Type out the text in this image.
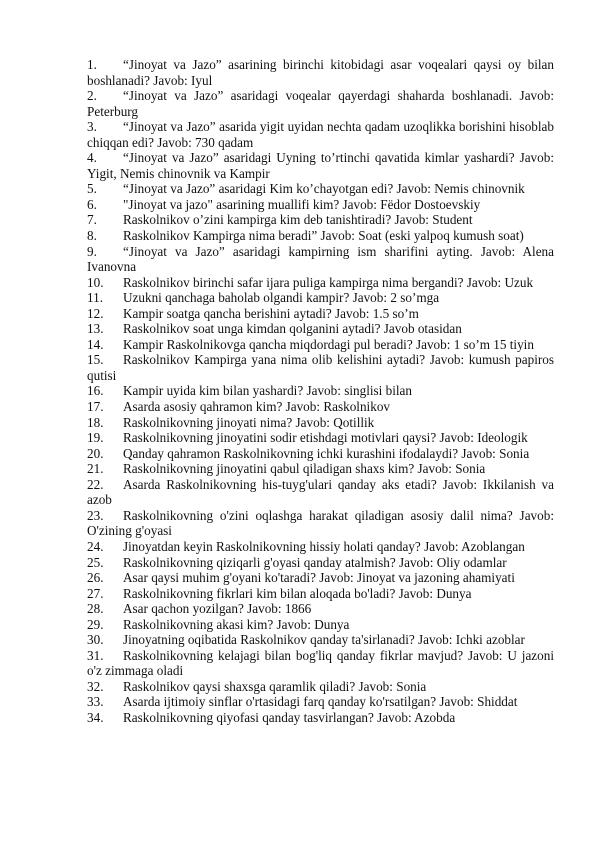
1. “Jinoyat va Jazo” asarining birinchi kitobidagi asar voqealari qaysi oy bilan boshlanadi? Javob: Iyul

2. “Jinoyat va Jazo” asaridagi voqealar qayerdagi shaharda boshlanadi. Javob: Peterburg

3. “Jinoyat va Jazo” asarida yigit uyidan nechta qadam uzoqlikka borishini hisoblab chiqqan edi? Javob: 730 qadam

4. “Jinoyat va Jazo” asaridagi Uyning to’rtinchi qavatida kimlar yashardi? Javob: Yigit, Nemis chinovnik va Kampir

5. “Jinoyat va Jazo” asaridagi Kim ko’chayotgan edi? Javob: Nemis chinovnik

6. "Jinoyat va jazo" asarining muallifi kim? Javob: Fëdor Dostoevskiy

7. Raskolnikov o’zini kampirga kim deb tanishtiradi? Javob: Student

8. Raskolnikov Kampirga nima beradi” Javob: Soat (eski yalpoq kumush soat)

9. “Jinoyat va Jazo” asaridagi kampirning ism sharifini ayting. Javob: Alena Ivanovna

10. Raskolnikov birinchi safar ijara puliga kampirga nima bergandi? Javob: Uzuk

11. Uzukni qanchaga baholab olgandi kampir? Javob: 2 so’mga

12. Kampir soatga qancha berishini aytadi? Javob: 1.5 so’m

13. Raskolnikov soat unga kimdan qolganini aytadi? Javob otasidan

14. Kampir Raskolnikovga qancha miqdordagi pul beradi? Javob: 1 so’m 15 tiyin

15. Raskolnikov Kampirga yana nima olib kelishini aytadi? Javob: kumush papiros qutisi

16. Kampir uyida kim bilan yashardi? Javob: singlisi bilan

17. Asarda asosiy qahramon kim? Javob: Raskolnikov

18. Raskolnikovning jinoyati nima? Javob: Qotillik

19. Raskolnikovning jinoyatini sodir etishdagi motivlari qaysi? Javob: Ideologik

20. Qanday qahramon Raskolnikovning ichki kurashini ifodalaydi? Javob: Sonia

21. Raskolnikovning jinoyatini qabul qiladigan shaxs kim? Javob: Sonia

22. Asarda Raskolnikovning his-tuyg'ulari qanday aks etadi? Javob: Ikkilanish va azob

23. Raskolnikovning o'zini oqlashga harakat qiladigan asosiy dalil nima? Javob: O'zining g'oyasi

24. Jinoyatdan keyin Raskolnikovning hissiy holati qanday? Javob: Azoblangan

25. Raskolnikovning qiziqarli g'oyasi qanday atalmish? Javob: Oliy odamlar

26. Asar qaysi muhim g'oyani ko'taradi? Javob: Jinoyat va jazoning ahamiyati

27. Raskolnikovning fikrlari kim bilan aloqada bo'ladi? Javob: Dunya

28. Asar qachon yozilgan? Javob: 1866

29. Raskolnikovning akasi kim? Javob: Dunya

30. Jinoyatning oqibatida Raskolnikov qanday ta'sirlanadi? Javob: Ichki azoblar

31. Raskolnikovning kelajagi bilan bog'liq qanday fikrlar mavjud? Javob: U jazoni o'z zimmaga oladi

32. Raskolnikov qaysi shaxsga qaramlik qiladi? Javob: Sonia

33. Asarda ijtimoiy sinflar o'rtasidagi farq qanday ko'rsatilgan? Javob: Shiddat

34. Raskolnikovning qiyofasi qanday tasvirlangan? Javob: Azobda
